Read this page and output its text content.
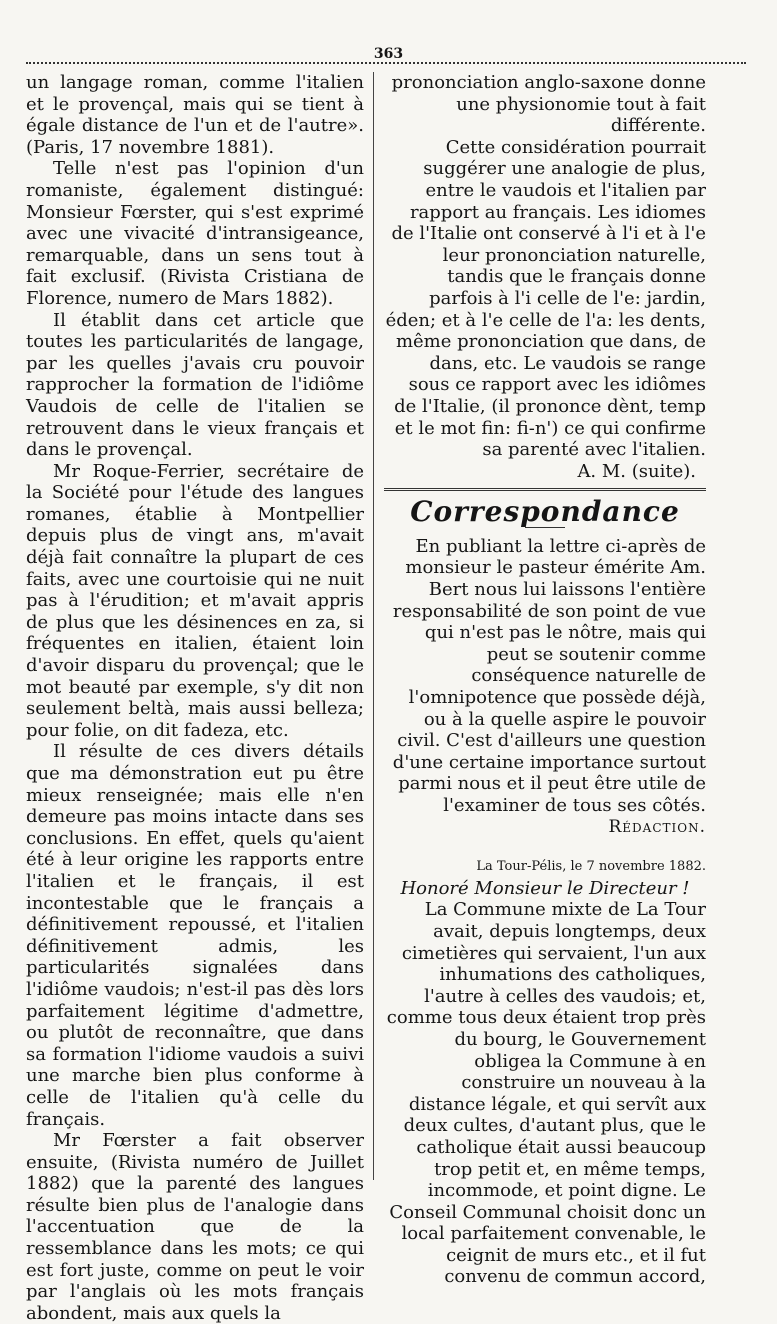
363

un langage roman, comme l'italien et le provençal, mais qui se tient à égale distance de l'un et de l'autre». (Paris, 17 novembre 1881).

Telle n'est pas l'opinion d'un romaniste, également distingué: Monsieur Fœrster, qui s'est exprimé avec une vivacité d'intransigeance, remarquable, dans un sens tout à fait exclusif. (Rivista Cristiana de Florence, numero de Mars 1882).

Il établit dans cet article que toutes les particularités de langage, par les quelles j'avais cru pouvoir rapprocher la formation de l'idiôme Vaudois de celle de l'italien se retrouvent dans le vieux français et dans le provençal.

Mr Roque-Ferrier, secrétaire de la Société pour l'étude des langues romanes, établie à Montpellier depuis plus de vingt ans, m'avait déjà fait connaître la plupart de ces faits, avec une courtoisie qui ne nuit pas à l'érudition; et m'avait appris de plus que les désinences en za, si fréquentes en italien, étaient loin d'avoir disparu du provençal; que le mot beauté par exemple, s'y dit non seulement beltà, mais aussi belleza; pour folie, on dit fadeza, etc.

Il résulte de ces divers détails que ma démonstration eut pu être mieux renseignée; mais elle n'en demeure pas moins intacte dans ses conclusions. En effet, quels qu'aient été à leur origine les rapports entre l'italien et le français, il est incontestable que le français a définitivement repoussé, et l'italien définitivement admis, les particularités signalées dans l'idiôme vaudois; n'est-il pas dès lors parfaitement légitime d'admettre, ou plutôt de reconnaître, que dans sa formation l'idiome vaudois a suivi une marche bien plus conforme à celle de l'italien qu'à celle du français.

Mr Fœrster a fait observer ensuite, (Rivista numéro de Juillet 1882) que la parenté des langues résulte bien plus de l'analogie dans l'accentuation que de la ressemblance dans les mots; ce qui est fort juste, comme on peut le voir par l'anglais où les mots français abondent, mais aux quels la

prononciation anglo-saxone donne une physionomie tout à fait différente.

Cette considération pourrait suggérer une analogie de plus, entre le vaudois et l'italien par rapport au français. Les idiomes de l'Italie ont conservé à l'i et à l'e leur prononciation naturelle, tandis que le français donne parfois à l'i celle de l'e: jardin, éden; et à l'e celle de l'a: les dents, même prononciation que dans, de dans, etc. Le vaudois se range sous ce rapport avec les idiômes de l'Italie, (il prononce dènt, temp et le mot fin: fi-n') ce qui confirme sa parenté avec l'italien.

A. M. (suite).

Correspondance

En publiant la lettre ci-après de monsieur le pasteur émérite Am. Bert nous lui laissons l'entière responsabilité de son point de vue qui n'est pas le nôtre, mais qui peut se soutenir comme conséquence naturelle de l'omnipotence que possède déjà, ou à la quelle aspire le pouvoir civil. C'est d'ailleurs une question d'une certaine importance surtout parmi nous et il peut être utile de l'examiner de tous ses côtés.

Rédaction.

La Tour-Pélis, le 7 novembre 1882.

Honoré Monsieur le Directeur !

La Commune mixte de La Tour avait, depuis longtemps, deux cimetières qui servaient, l'un aux inhumations des catholiques, l'autre à celles des vaudois; et, comme tous deux étaient trop près du bourg, le Gouvernement obligea la Commune à en construire un nouveau à la distance légale, et qui servît aux deux cultes, d'autant plus, que le catholique était aussi beaucoup trop petit et, en même temps, incommode, et point digne. Le Conseil Communal choisit donc un local parfaitement convenable, le ceignit de murs etc., et il fut convenu de commun accord,
